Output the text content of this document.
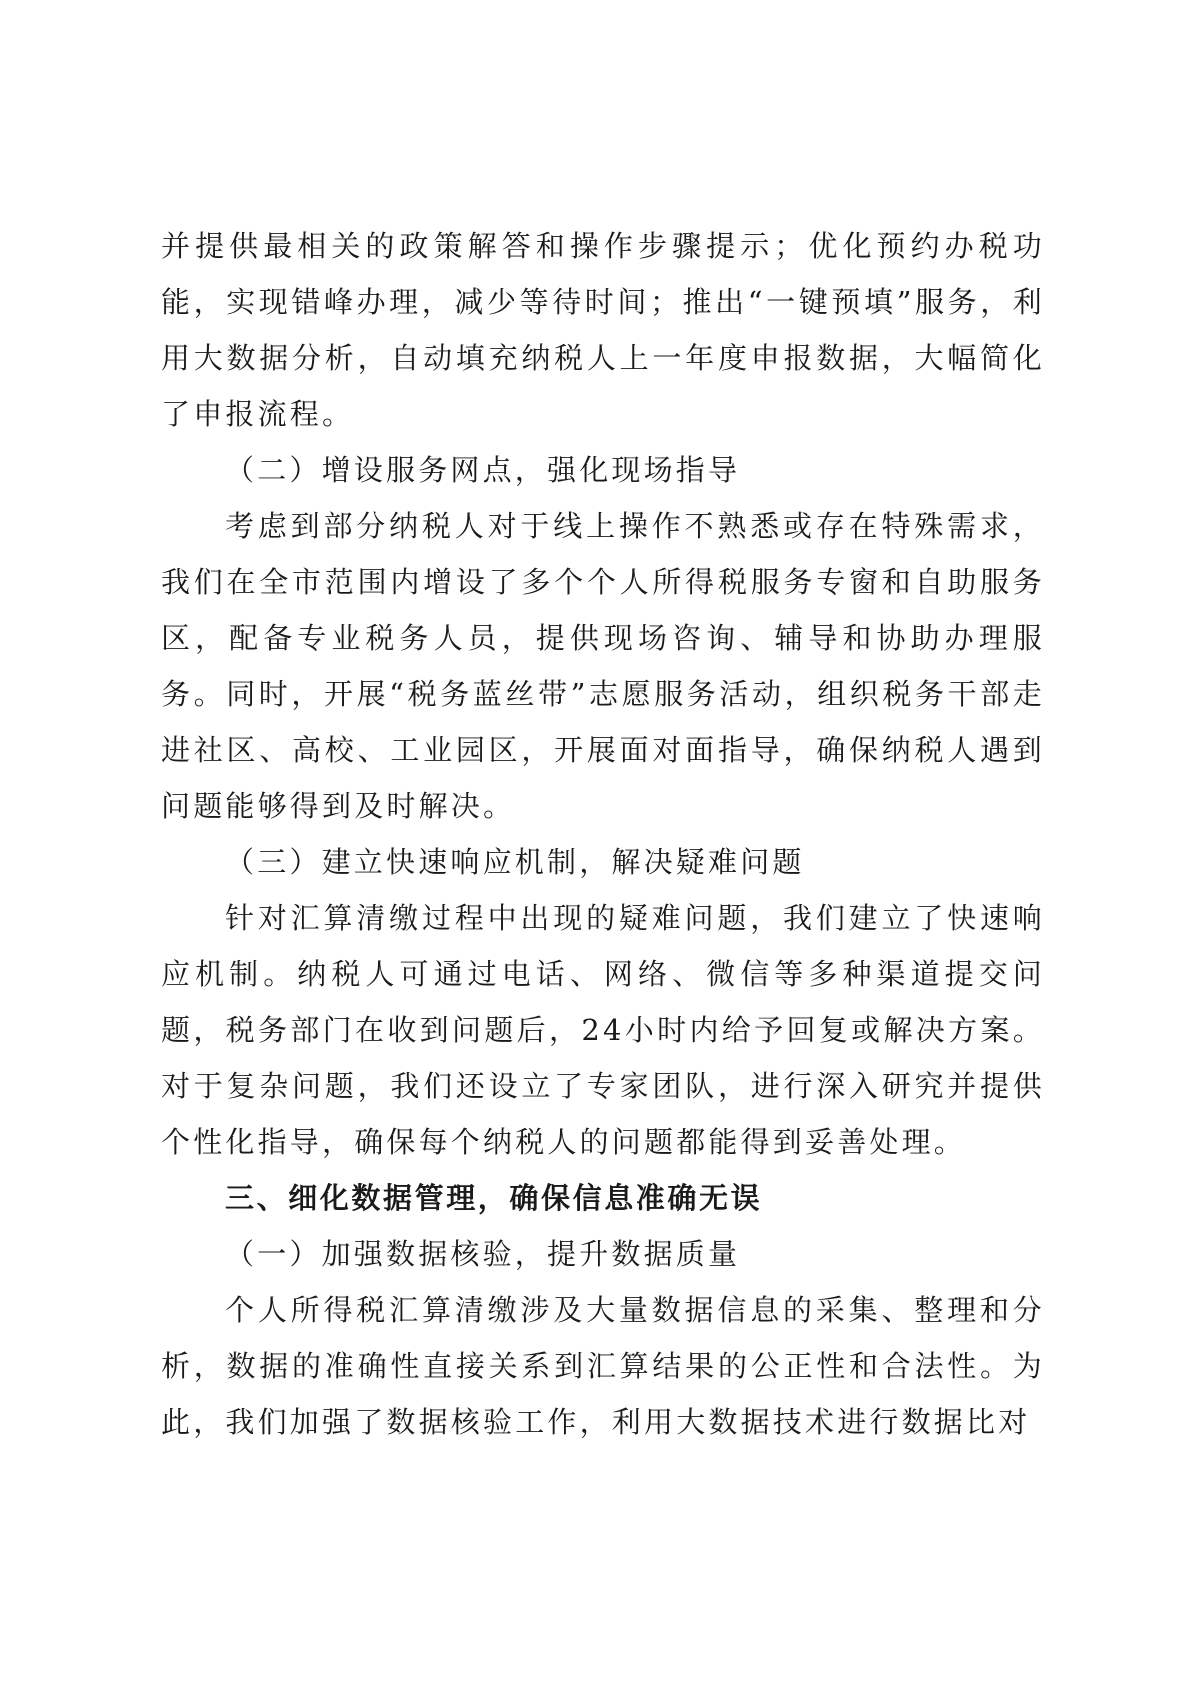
并提供最相关的政策解答和操作步骤提示；优化预约办税功能，实现错峰办理，减少等待时间；推出“一键预填”服务，利用大数据分析，自动填充纳税人上一年度申报数据，大幅简化了申报流程。

（二）增设服务网点，强化现场指导

考虑到部分纳税人对于线上操作不熟悉或存在特殊需求，我们在全市范围内增设了多个个人所得税服务专窗和自助服务区，配备专业税务人员，提供现场咨询、辅导和协助办理服务。同时，开展“税务蓝丝带”志愿服务活动，组织税务干部走进社区、高校、工业园区，开展面对面指导，确保纳税人遇到问题能够得到及时解决。

（三）建立快速响应机制，解决疑难问题

针对汇算清缴过程中出现的疑难问题，我们建立了快速响应机制。纳税人可通过电话、网络、微信等多种渠道提交问题，税务部门在收到问题后，24小时内给予回复或解决方案。对于复杂问题，我们还设立了专家团队，进行深入研究并提供个性化指导，确保每个纳税人的问题都能得到妥善处理。

三、细化数据管理，确保信息准确无误

（一）加强数据核验，提升数据质量

个人所得税汇算清缴涉及大量数据信息的采集、整理和分析，数据的准确性直接关系到汇算结果的公正性和合法性。为此，我们加强了数据核验工作，利用大数据技术进行数据比对
